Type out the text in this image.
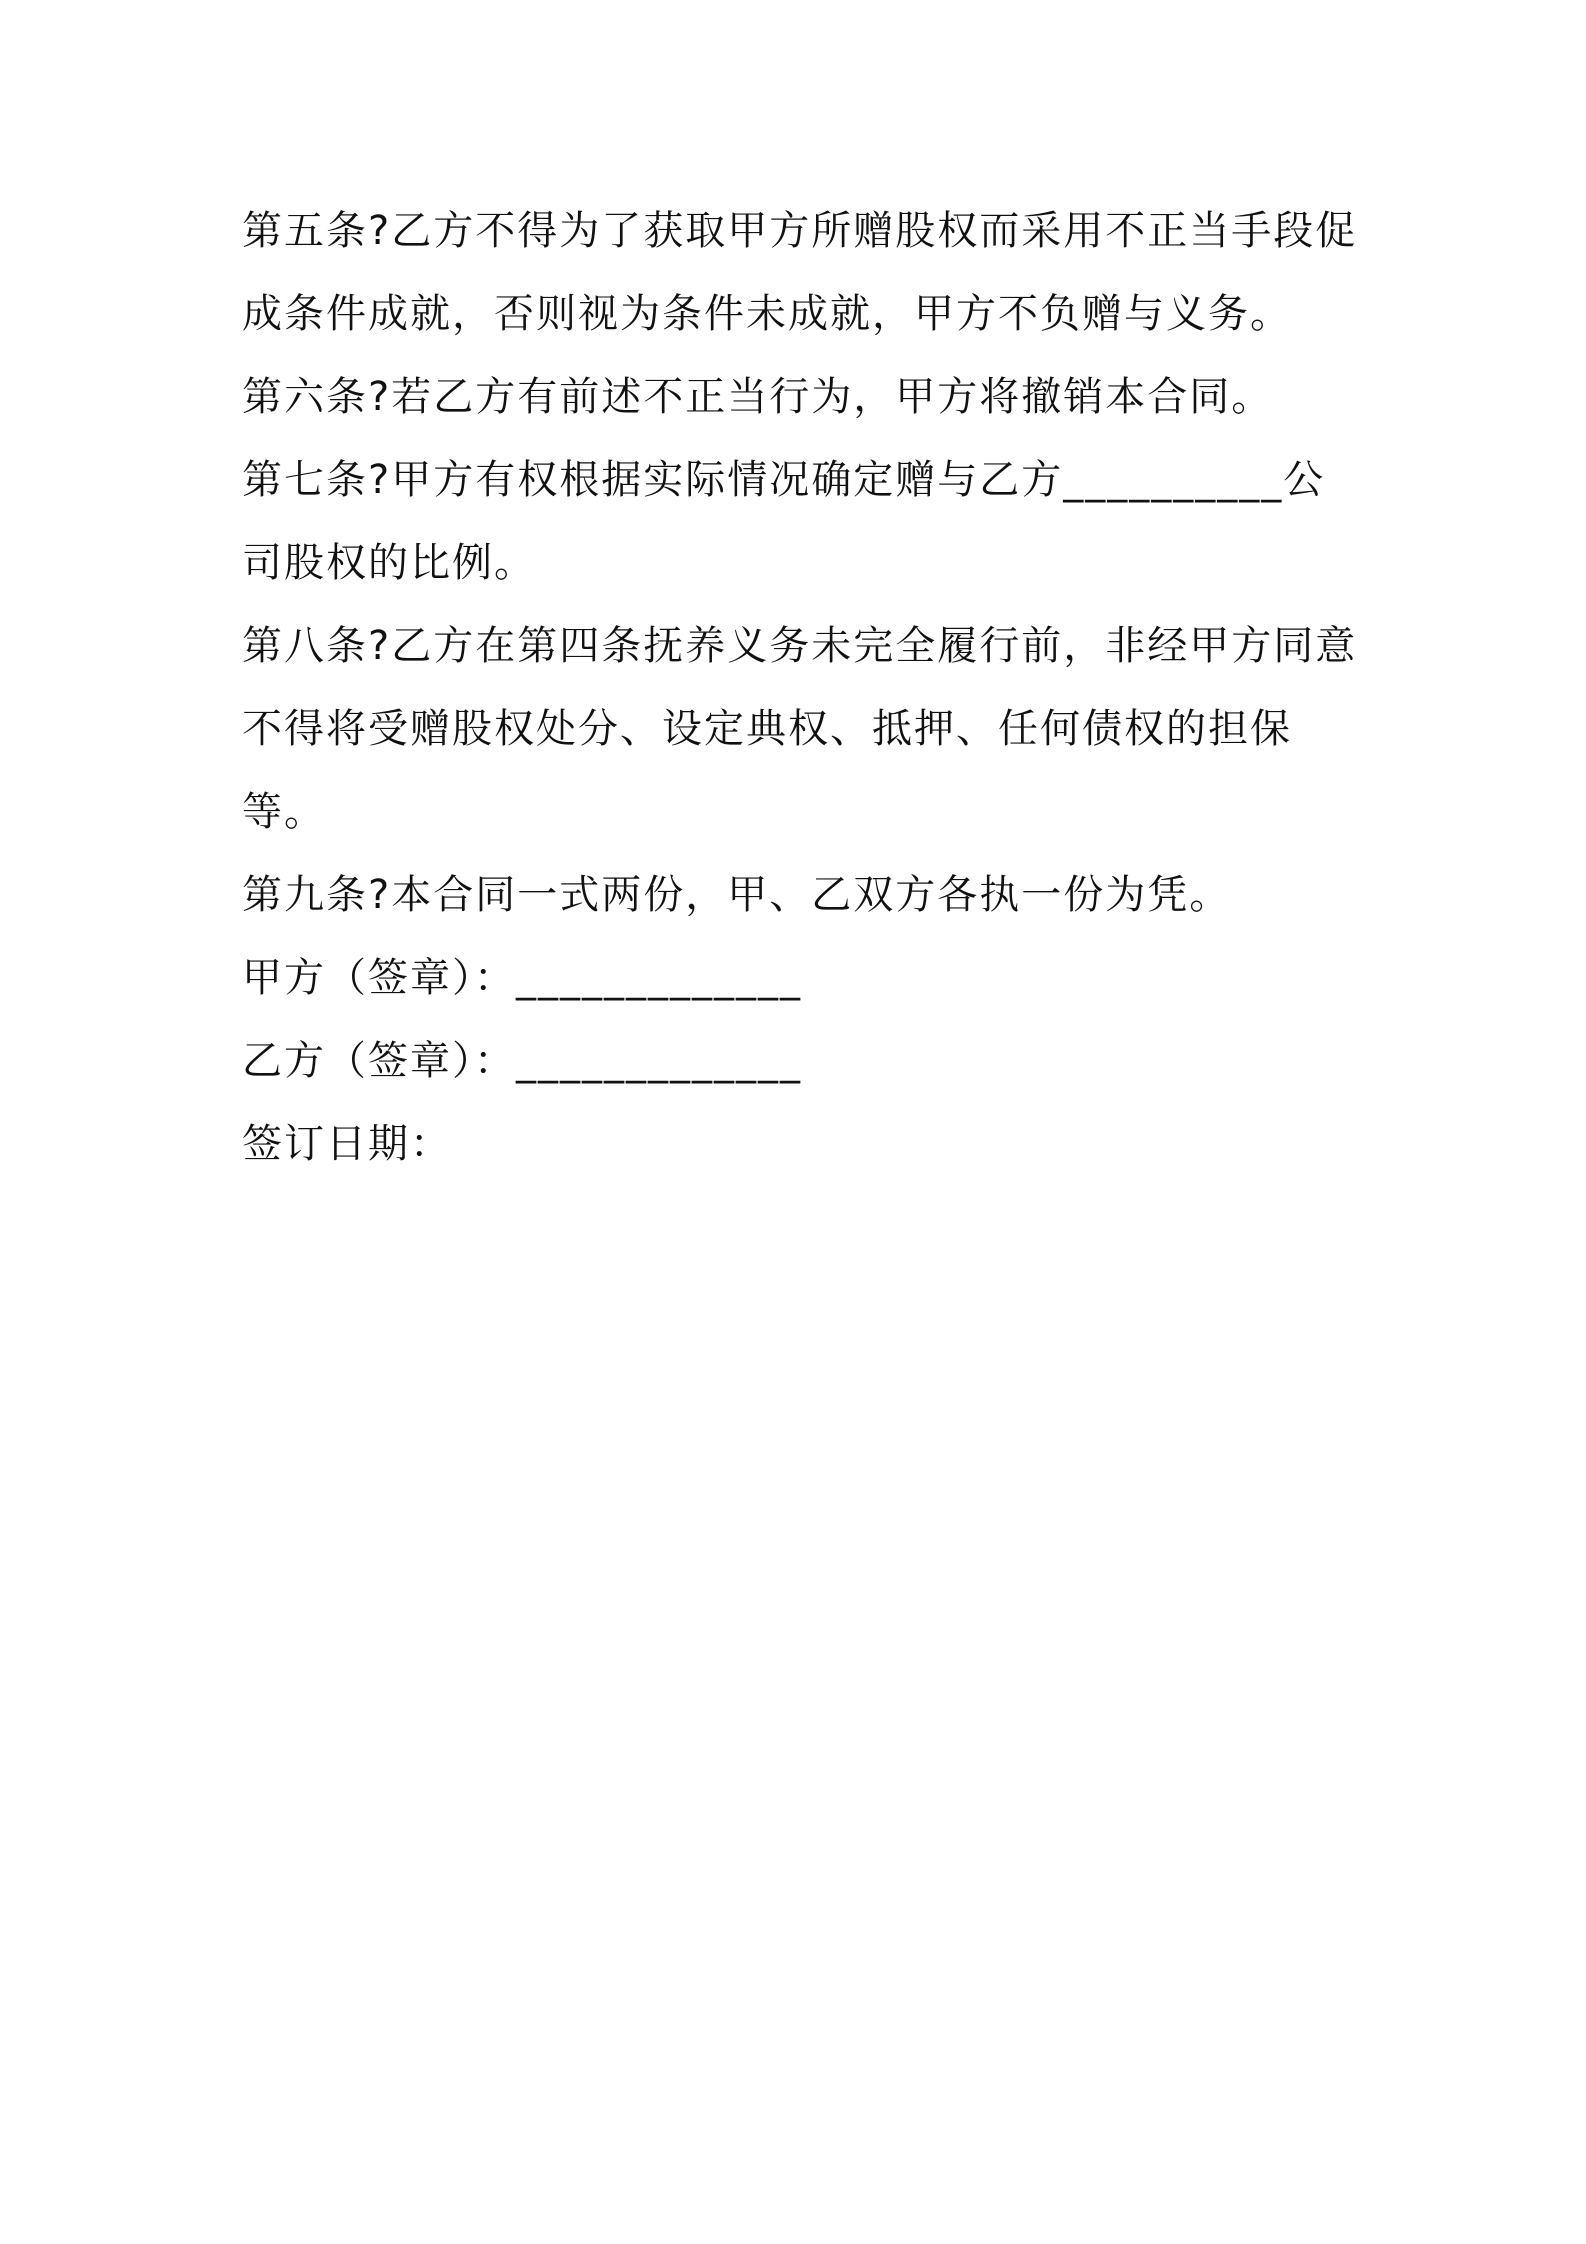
第五条?乙方不得为了获取甲方所赠股权而采用不正当手段促成条件成就，否则视为条件未成就，甲方不负赠与义务。

第六条?若乙方有前述不正当行为，甲方将撤销本合同。

第七条?甲方有权根据实际情况确定赠与乙方__________公司股权的比例。

第八条?乙方在第四条抚养义务未完全履行前，非经甲方同意不得将受赠股权处分、设定典权、抵押、任何债权的担保等。

第九条?本合同一式两份，甲、乙双方各执一份为凭。

甲方（签章）：_____________

乙方（签章）：_____________

签订日期：
